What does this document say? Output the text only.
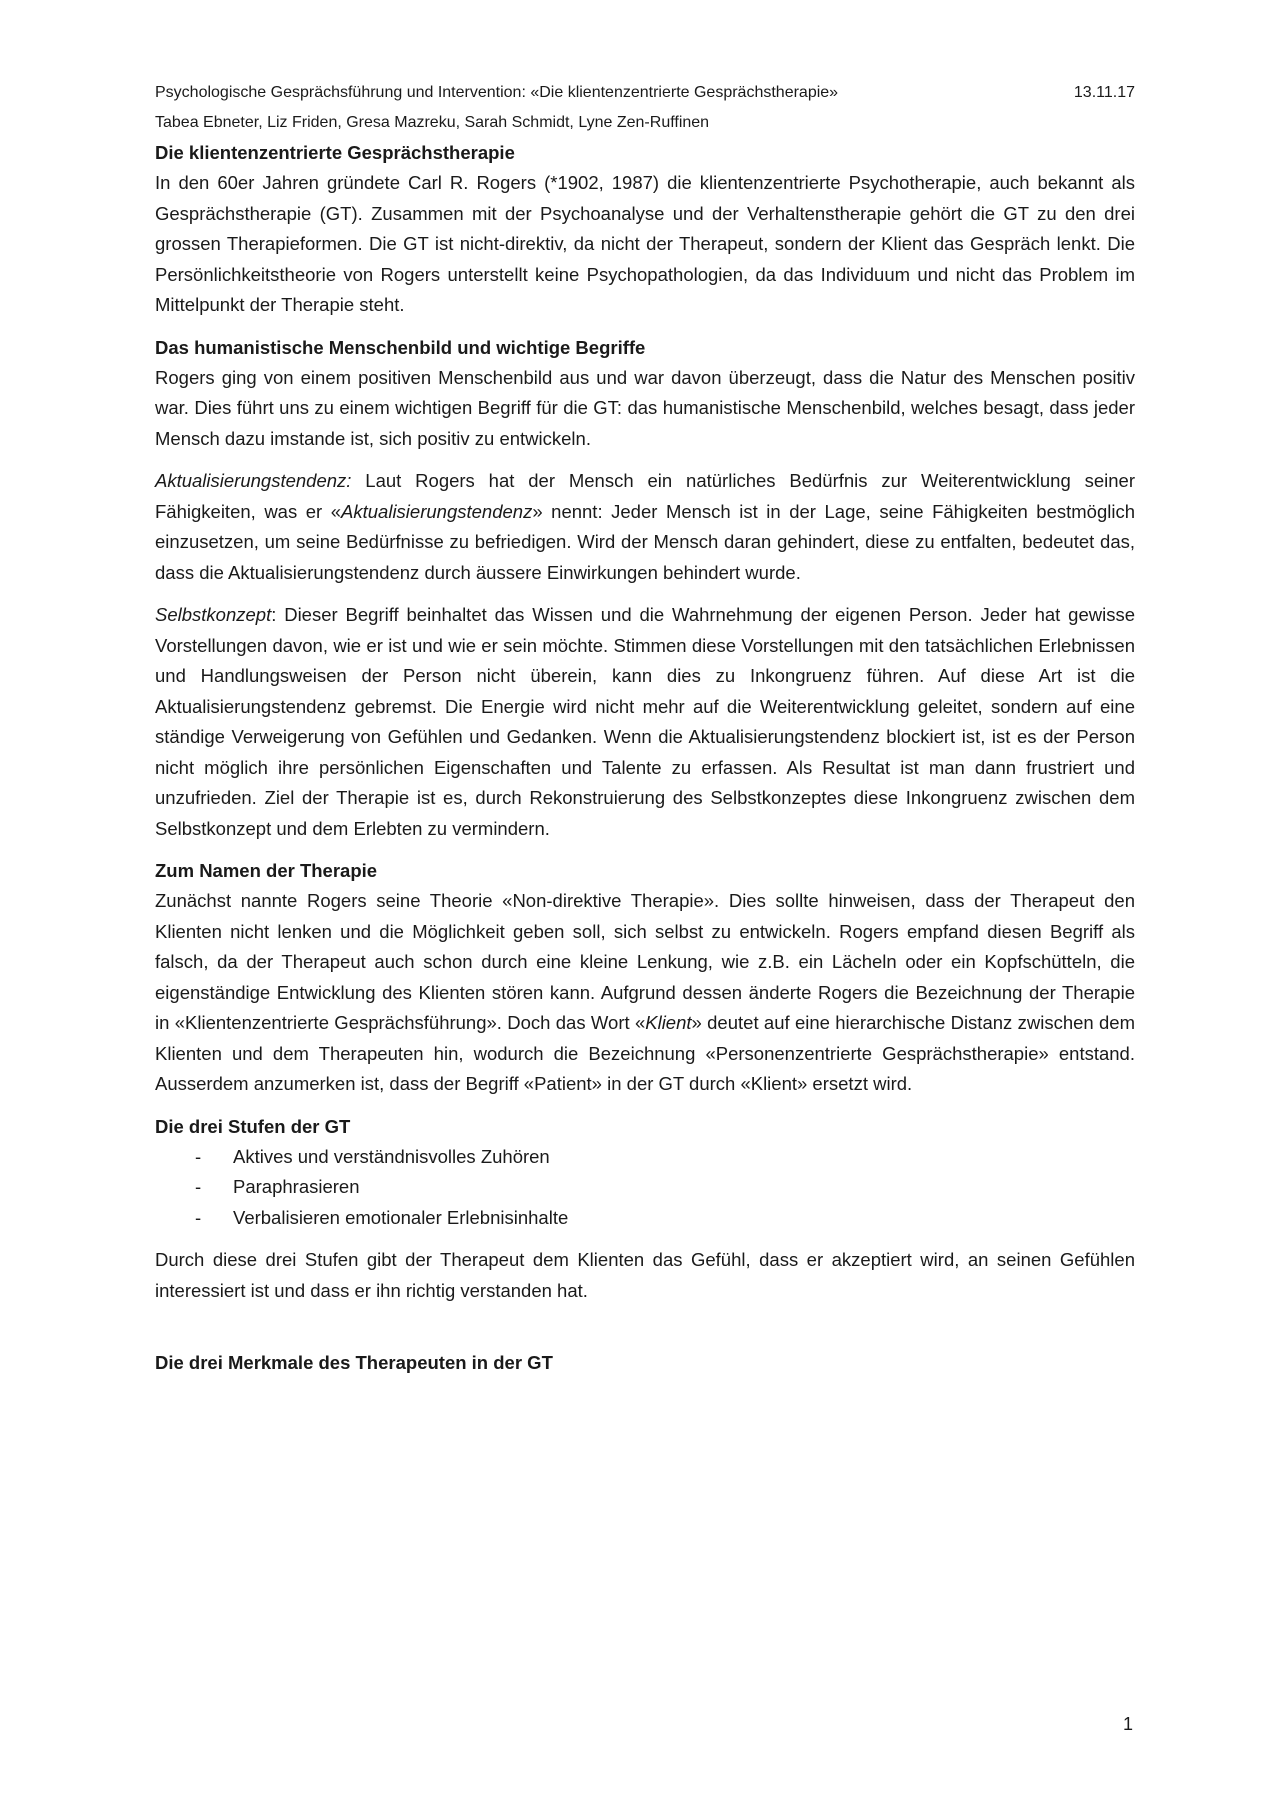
Psychologische Gesprächsführung und Intervention: «Die klientenzentrierte Gesprächstherapie»	13.11.17
Tabea Ebneter, Liz Friden, Gresa Mazreku, Sarah Schmidt, Lyne Zen-Ruffinen
Die klientenzentrierte Gesprächstherapie

In den 60er Jahren gründete Carl R. Rogers (*1902, 1987) die klientenzentrierte Psychotherapie, auch bekannt als Gesprächstherapie (GT). Zusammen mit der Psychoanalyse und der Verhaltenstherapie gehört die GT zu den drei grossen Therapieformen. Die GT ist nicht-direktiv, da nicht der Therapeut, sondern der Klient das Gespräch lenkt. Die Persönlichkeitstheorie von Rogers unterstellt keine Psychopathologien, da das Individuum und nicht das Problem im Mittelpunkt der Therapie steht.

Das humanistische Menschenbild und wichtige Begriffe

Rogers ging von einem positiven Menschenbild aus und war davon überzeugt, dass die Natur des Menschen positiv war. Dies führt uns zu einem wichtigen Begriff für die GT: das humanistische Menschenbild, welches besagt, dass jeder Mensch dazu imstande ist, sich positiv zu entwickeln.

Aktualisierungstendenz: Laut Rogers hat der Mensch ein natürliches Bedürfnis zur Weiterentwicklung seiner Fähigkeiten, was er «Aktualisierungstendenz» nennt: Jeder Mensch ist in der Lage, seine Fähigkeiten bestmöglich einzusetzen, um seine Bedürfnisse zu befriedigen. Wird der Mensch daran gehindert, diese zu entfalten, bedeutet das, dass die Aktualisierungstendenz durch äussere Einwirkungen behindert wurde.

Selbstkonzept: Dieser Begriff beinhaltet das Wissen und die Wahrnehmung der eigenen Person. Jeder hat gewisse Vorstellungen davon, wie er ist und wie er sein möchte. Stimmen diese Vorstellungen mit den tatsächlichen Erlebnissen und Handlungsweisen der Person nicht überein, kann dies zu Inkongruenz führen. Auf diese Art ist die Aktualisierungstendenz gebremst. Die Energie wird nicht mehr auf die Weiterentwicklung geleitet, sondern auf eine ständige Verweigerung von Gefühlen und Gedanken. Wenn die Aktualisierungstendenz blockiert ist, ist es der Person nicht möglich ihre persönlichen Eigenschaften und Talente zu erfassen. Als Resultat ist man dann frustriert und unzufrieden. Ziel der Therapie ist es, durch Rekonstruierung des Selbstkonzeptes diese Inkongruenz zwischen dem Selbstkonzept und dem Erlebten zu vermindern.

Zum Namen der Therapie

Zunächst nannte Rogers seine Theorie «Non-direktive Therapie». Dies sollte hinweisen, dass der Therapeut den Klienten nicht lenken und die Möglichkeit geben soll, sich selbst zu entwickeln. Rogers empfand diesen Begriff als falsch, da der Therapeut auch schon durch eine kleine Lenkung, wie z.B. ein Lächeln oder ein Kopfschütteln, die eigenständige Entwicklung des Klienten stören kann. Aufgrund dessen änderte Rogers die Bezeichnung der Therapie in «Klientenzentrierte Gesprächsführung». Doch das Wort «Klient» deutet auf eine hierarchische Distanz zwischen dem Klienten und dem Therapeuten hin, wodurch die Bezeichnung «Personenzentrierte Gesprächstherapie» entstand. Ausserdem anzumerken ist, dass der Begriff «Patient» in der GT durch «Klient» ersetzt wird.

Die drei Stufen der GT
- Aktives und verständnisvolles Zuhören
- Paraphrasieren
- Verbalisieren emotionaler Erlebnisinhalte

Durch diese drei Stufen gibt der Therapeut dem Klienten das Gefühl, dass er akzeptiert wird, an seinen Gefühlen interessiert ist und dass er ihn richtig verstanden hat.

Die drei Merkmale des Therapeuten in der GT
1
